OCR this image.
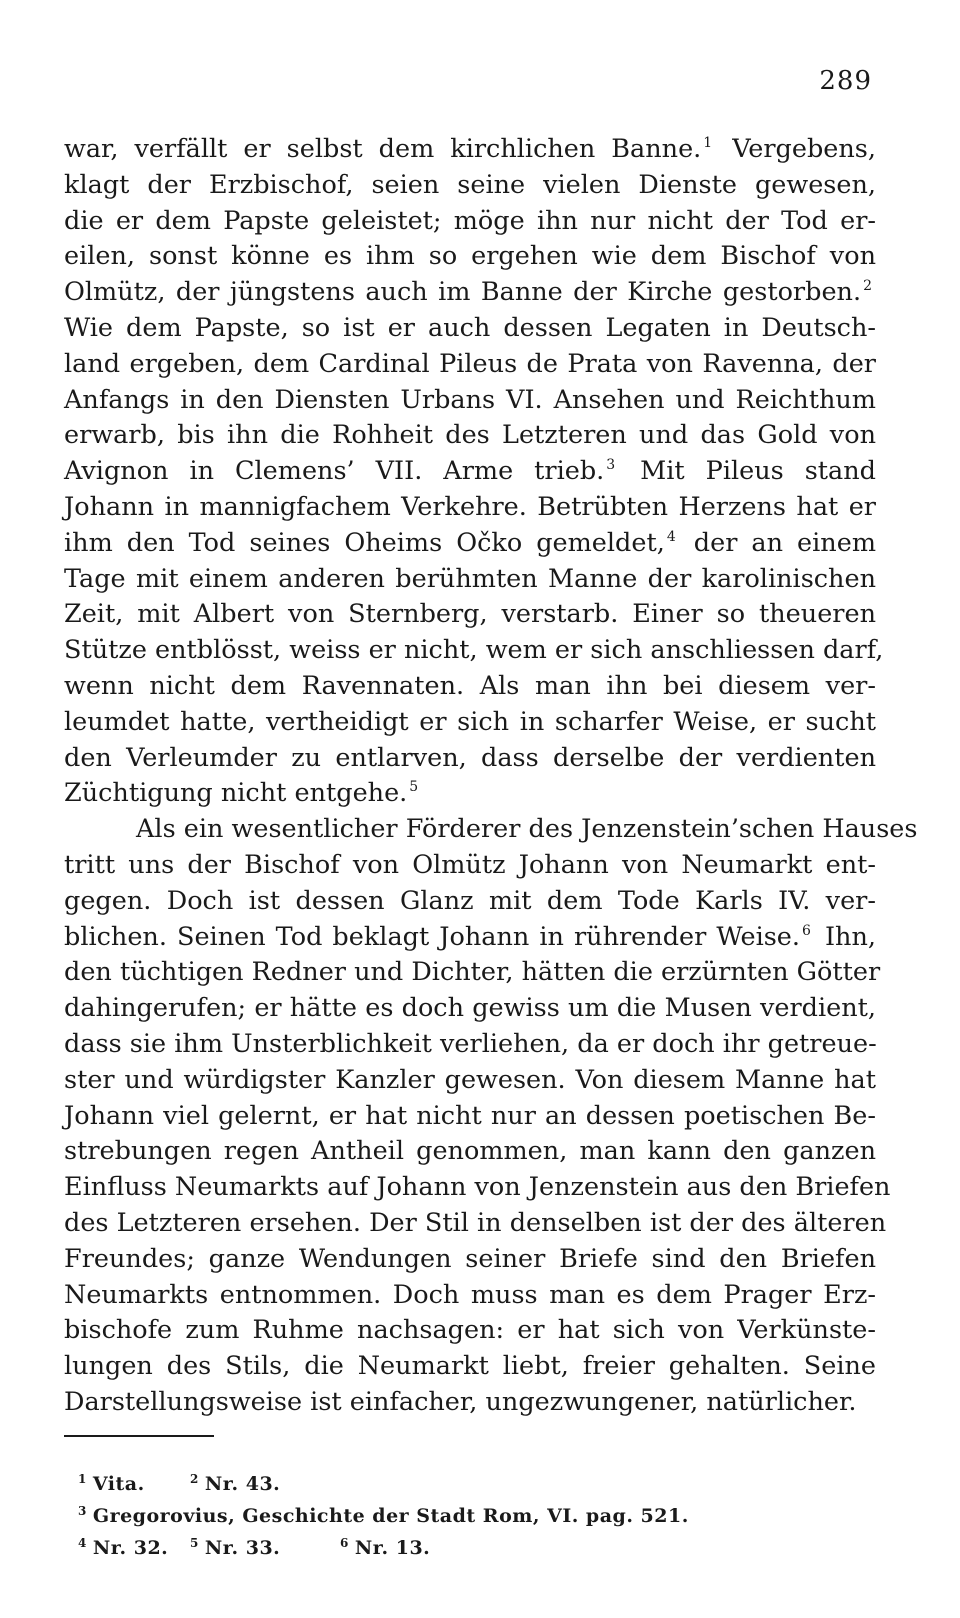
289
war, verfällt er selbst dem kirchlichen Banne. $^1$ Vergebens,
klagt der Erzbischof, seien seine vielen Dienste gewesen,
die er dem Papste geleistet; möge ihn nur nicht der Tod er-
eilen, sonst könne es ihm so ergehen wie dem Bischof von
Olmütz, der jüngstens auch im Banne der Kirche gestorben. $^2$
Wie dem Papste, so ist er auch dessen Legaten in Deutsch-
land ergeben, dem Cardinal Pileus de Prata von Ravenna, der
Anfangs in den Diensten Urbans VI. Ansehen und Reichthum
erwarb, bis ihn die Rohheit des Letzteren und das Gold von
Avignon in Clemens’ VII. Arme trieb. $^3$ Mit Pileus stand
Johann in mannigfachem Verkehre. Betrübten Herzens hat er
ihm den Tod seines Oheims Očko gemeldet, $^4$ der an einem
Tage mit einem anderen berühmten Manne der karolinischen
Zeit, mit Albert von Sternberg, verstarb. Einer so theueren
Stütze entblösst, weiss er nicht, wem er sich anschliessen darf,
wenn nicht dem Ravennaten. Als man ihn bei diesem ver-
leumdet hatte, vertheidigt er sich in scharfer Weise, er sucht
den Verleumder zu entlarven, dass derselbe der verdienten
Züchtigung nicht entgehe. $^5$
Als ein wesentlicher Förderer des Jenzenstein’schen Hauses
tritt uns der Bischof von Olmütz Johann von Neumarkt ent-
gegen. Doch ist dessen Glanz mit dem Tode Karls IV. ver-
blichen. Seinen Tod beklagt Johann in rührender Weise. $^6$ Ihn,
den tüchtigen Redner und Dichter, hätten die erzürnten Götter
dahingerufen; er hätte es doch gewiss um die Musen verdient,
dass sie ihm Unsterblichkeit verliehen, da er doch ihr getreue-
ster und würdigster Kanzler gewesen. Von diesem Manne hat
Johann viel gelernt, er hat nicht nur an dessen poetischen Be-
strebungen regen Antheil genommen, man kann den ganzen
Einfluss Neumarkts auf Johann von Jenzenstein aus den Briefen
des Letzteren ersehen. Der Stil in denselben ist der des älteren
Freundes; ganze Wendungen seiner Briefe sind den Briefen
Neumarkts entnommen. Doch muss man es dem Prager Erz-
bischofe zum Ruhme nachsagen: er hat sich von Verkünste-
lungen des Stils, die Neumarkt liebt, freier gehalten. Seine
Darstellungsweise ist einfacher, ungezwungener, natürlicher.
$^1$ Vita.	$^2$ Nr. 43.
$^3$ Gregorovius, Geschichte der Stadt Rom, VI. pag. 521.
$^4$ Nr. 32. $^5$ Nr. 33.	$^6$ Nr. 13.
